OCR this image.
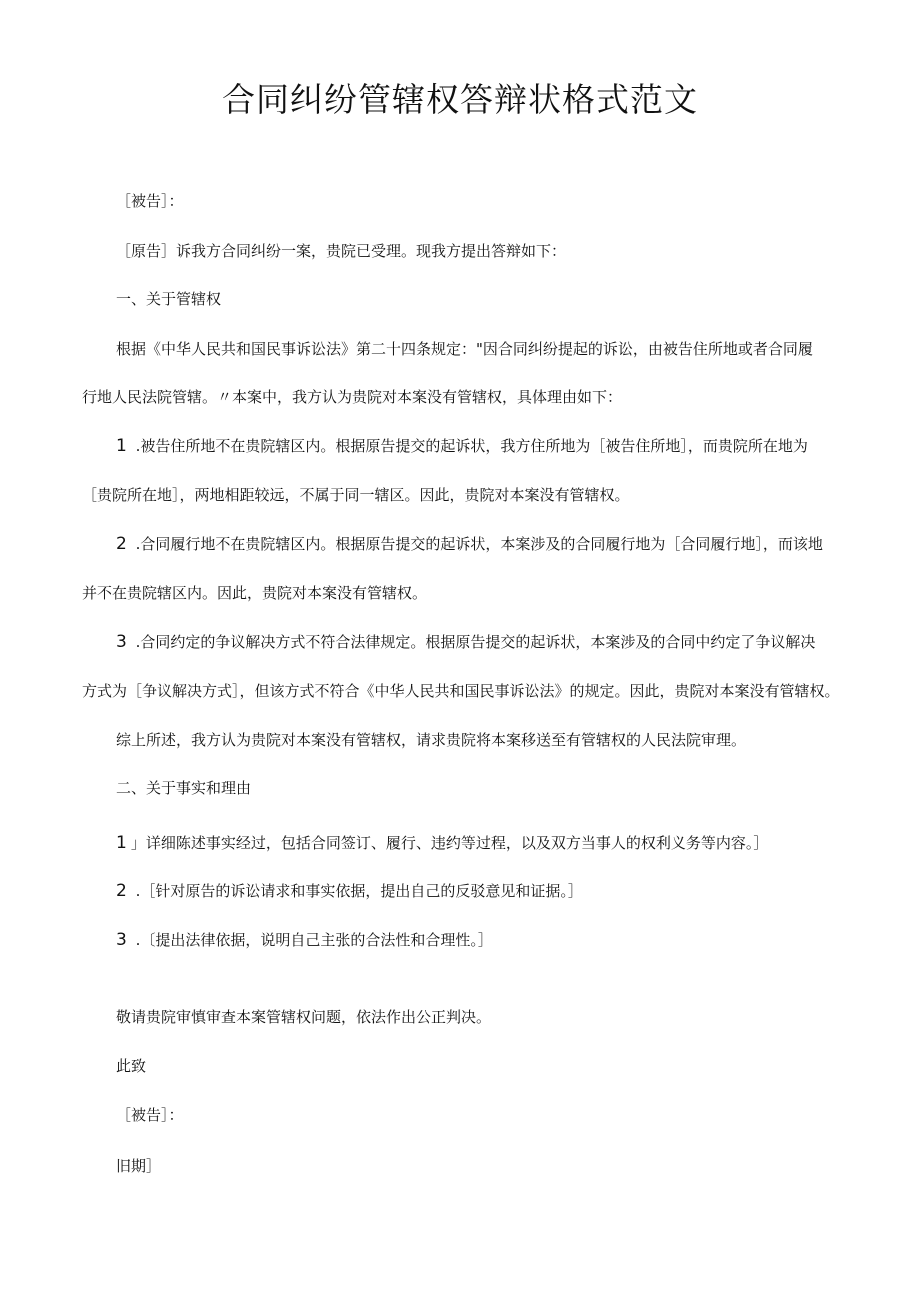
合同纠纷管辖权答辩状格式范文

［被告］：

［原告］诉我方合同纠纷一案，贵院已受理。现我方提出答辩如下：

一、关于管辖权

根据《中华人民共和国民事诉讼法》第二十四条规定："因合同纠纷提起的诉讼，由被告住所地或者合同履

行地人民法院管辖。〃本案中，我方认为贵院对本案没有管辖权，具体理由如下：

1 .被告住所地不在贵院辖区内。根据原告提交的起诉状，我方住所地为［被告住所地］，而贵院所在地为

［贵院所在地］，两地相距较远，不属于同一辖区。因此，贵院对本案没有管辖权。

2 .合同履行地不在贵院辖区内。根据原告提交的起诉状，本案涉及的合同履行地为［合同履行地］，而该地

并不在贵院辖区内。因此，贵院对本案没有管辖权。

3 .合同约定的争议解决方式不符合法律规定。根据原告提交的起诉状，本案涉及的合同中约定了争议解决

方式为［争议解决方式］，但该方式不符合《中华人民共和国民事诉讼法》的规定。因此，贵院对本案没有管辖权。

综上所述，我方认为贵院对本案没有管辖权，请求贵院将本案移送至有管辖权的人民法院审理。

二、关于事实和理由

1 」详细陈述事实经过，包括合同签订、履行、违约等过程，以及双方当事人的权利义务等内容。］

2 .［针对原告的诉讼请求和事实依据，提出自己的反驳意见和证据。］

3 .〔提出法律依据，说明自己主张的合法性和合理性。］

敬请贵院审慎审查本案管辖权问题，依法作出公正判决。

此致

［被告］：

旧期］
